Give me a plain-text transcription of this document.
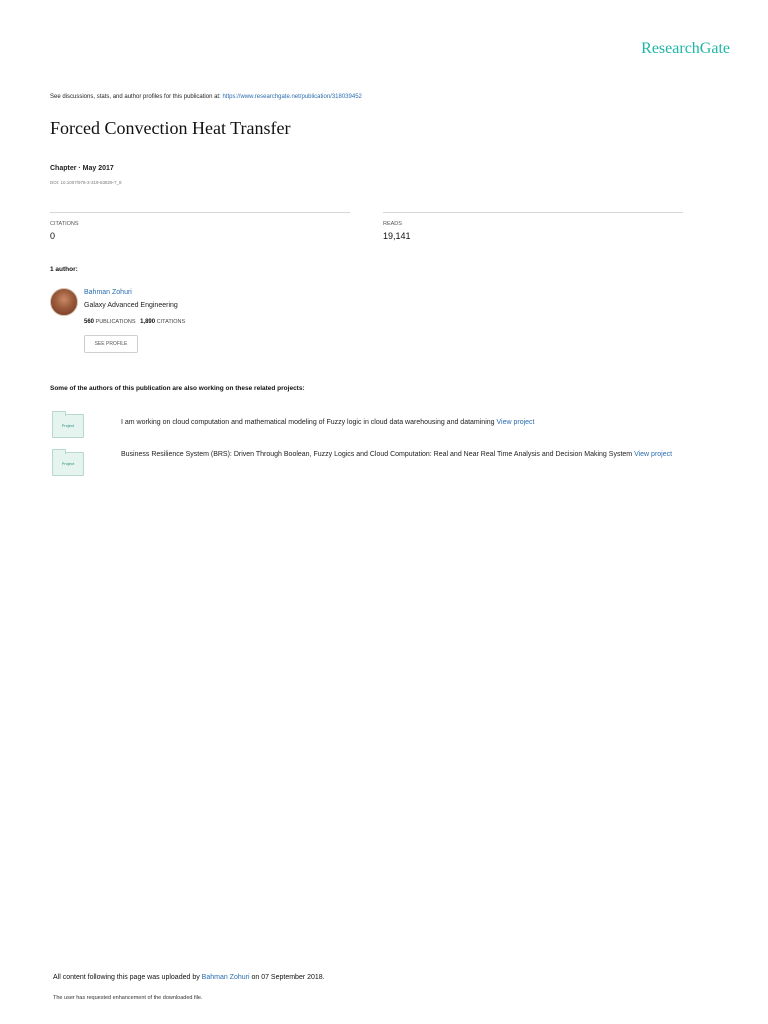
ResearchGate
See discussions, stats, and author profiles for this publication at: https://www.researchgate.net/publication/318039452
Forced Convection Heat Transfer
Chapter · May 2017
DOI: 10.1007/978-3-319-53829-7_8
CITATIONS
0
READS
19,141
1 author:
Bahman Zohuri
Galaxy Advanced Engineering
560 PUBLICATIONS 1,890 CITATIONS
SEE PROFILE
Some of the authors of this publication are also working on these related projects:
Project	I am working on cloud computation and mathematical modeling of Fuzzy logic in cloud data warehousing and datamining View project
Project
Business Resilience System (BRS): Driven Through Boolean, Fuzzy Logics and Cloud Computation: Real and Near Real Time Analysis and Decision Making System View project
All content following this page was uploaded by Bahman Zohuri on 07 September 2018.
The user has requested enhancement of the downloaded file.
